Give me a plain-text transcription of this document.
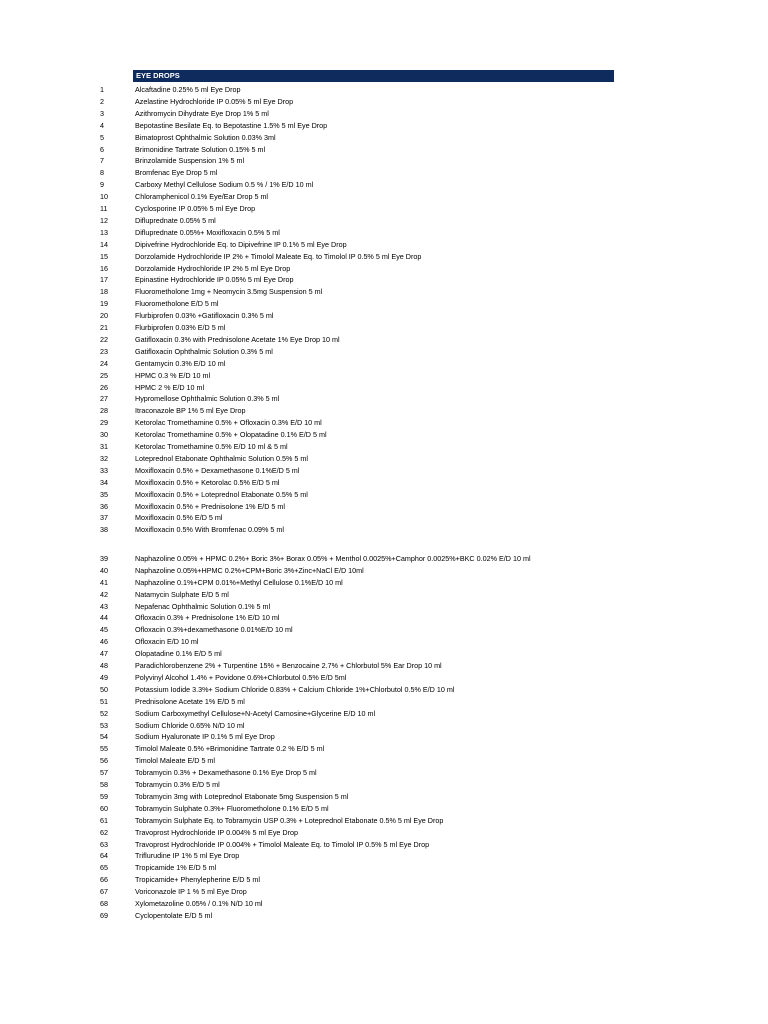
EYE DROPS
1	Alcaftadine 0.25% 5 ml Eye Drop
2	Azelastine Hydrochloride IP 0.05% 5 ml Eye Drop
3	Azithromycin Dihydrate Eye Drop 1% 5 ml
4	Bepotastine Besilate Eq. to Bepotastine 1.5% 5 ml Eye Drop
5	Bimatoprost Ophthalmic Solution 0.03% 3ml
6	Brimonidine Tartrate Solution 0.15% 5 ml
7	Brinzolamide Suspension 1% 5 ml
8	Bromfenac Eye Drop 5 ml
9	Carboxy Methyl Cellulose Sodium 0.5 % / 1% E/D 10 ml
10	Chloramphenicol 0.1% Eye/Ear Drop 5 ml
11	Cyclosporine IP 0.05% 5 ml Eye Drop
12	Difluprednate 0.05% 5 ml
13	Difluprednate 0.05%+ Moxifloxacin 0.5% 5 ml
14	Dipivefrine Hydrochloride Eq. to Dipivefrine IP 0.1% 5 ml Eye Drop
15	Dorzolamide Hydrochloride IP 2% + Timolol Maleate Eq. to Timolol IP 0.5% 5 ml Eye Drop
16	Dorzolamide Hydrochloride IP 2% 5 ml Eye Drop
17	Epinastine Hydrochloride IP 0.05% 5 ml Eye Drop
18	Fluorometholone 1mg + Neomycin 3.5mg Suspension 5 ml
19	Fluorometholone E/D 5 ml
20	Flurbiprofen 0.03% +Gatifloxacin 0.3% 5 ml
21	Flurbiprofen 0.03% E/D 5 ml
22	Gatifloxacin 0.3% with Prednisolone Acetate 1% Eye Drop 10 ml
23	Gatifloxacin Ophthalmic Solution 0.3% 5 ml
24	Gentamycin 0.3% E/D 10 ml
25	HPMC 0.3 % E/D 10 ml
26	HPMC 2 % E/D 10 ml
27	Hypromellose Ophthalmic Solution 0.3% 5 ml
28	Itraconazole BP 1% 5 ml Eye Drop
29	Ketorolac Tromethamine 0.5% + Ofloxacin 0.3% E/D 10 ml
30	Ketorolac Tromethamine 0.5% + Olopatadine 0.1% E/D 5 ml
31	Ketorolac Tromethamine 0.5% E/D 10 ml & 5 ml
32	Loteprednol Etabonate Ophthalmic Solution 0.5% 5 ml
33	Moxifloxacin 0.5% + Dexamethasone 0.1%E/D 5 ml
34	Moxifloxacin 0.5% + Ketorolac 0.5% E/D 5 ml
35	Moxifloxacin 0.5% + Loteprednol Etabonate 0.5% 5 ml
36	Moxifloxacin 0.5% + Prednisolone 1% E/D 5 ml
37	Moxifloxacin 0.5% E/D 5 ml
38	Moxifloxacin 0.5% With Bromfenac 0.09% 5 ml
39	Naphazoline 0.05% + HPMC 0.2%+ Boric 3%+ Borax 0.05% + Menthol 0.0025%+Camphor 0.0025%+BKC 0.02% E/D 10 ml
40	Naphazoline 0.05%+HPMC 0.2%+CPM+Boric 3%+Zinc+NaCl E/D 10ml
41	Naphazoline 0.1%+CPM 0.01%+Methyl Cellulose 0.1%E/D 10 ml
42	Natamycin Sulphate E/D 5 ml
43	Nepafenac Ophthalmic Solution 0.1% 5 ml
44	Ofloxacin 0.3% + Prednisolone 1% E/D 10 ml
45	Ofloxacin 0.3%+dexamethasone 0.01%E/D 10 ml
46	Ofloxacin E/D 10 ml
47	Olopatadine 0.1% E/D 5 ml
48	Paradichlorobenzene 2% + Turpentine 15% + Benzocaine 2.7% + Chlorbutol 5% Ear Drop 10 ml
49	Polyvinyl Alcohol 1.4% + Povidone 0.6%+Chlorbutol 0.5% E/D 5ml
50	Potassium Iodide 3.3%+ Sodium Chloride 0.83% + Calcium Chloride 1%+Chlorbutol 0.5% E/D 10 ml
51	Prednisolone Acetate 1% E/D 5 ml
52	Sodium Carboxymethyl Cellulose+N-Acetyl Carnosine+Glycerine E/D 10 ml
53	Sodium Chloride 0.65% N/D 10 ml
54	Sodium Hyaluronate IP 0.1% 5 ml Eye Drop
55	Timolol Maleate 0.5% +Brimonidine Tartrate 0.2 % E/D 5 ml
56	Timolol Maleate E/D 5 ml
57	Tobramycin 0.3% + Dexamethasone 0.1% Eye Drop 5 ml
58	Tobramycin 0.3% E/D 5 ml
59	Tobramycin 3mg with Loteprednol Etabonate 5mg Suspension 5 ml
60	Tobramycin Sulphate 0.3%+ Fluorometholone 0.1% E/D 5 ml
61	Tobramycin Sulphate Eq. to Tobramycin USP 0.3% + Loteprednol Etabonate 0.5% 5 ml Eye Drop
62	Travoprost Hydrochloride IP 0.004% 5 ml Eye Drop
63	Travoprost Hydrochloride IP 0.004% + Timolol Maleate Eq. to Timolol IP 0.5% 5 ml Eye Drop
64	Triflurudine IP 1% 5 ml Eye Drop
65	Tropicamide 1% E/D 5 ml
66	Tropicamide+ Phenylepherine E/D 5 ml
67	Voriconazole IP 1 % 5 ml Eye Drop
68	Xylometazoline 0.05% / 0.1% N/D 10 ml
69	Cyclopentolate E/D 5 ml
